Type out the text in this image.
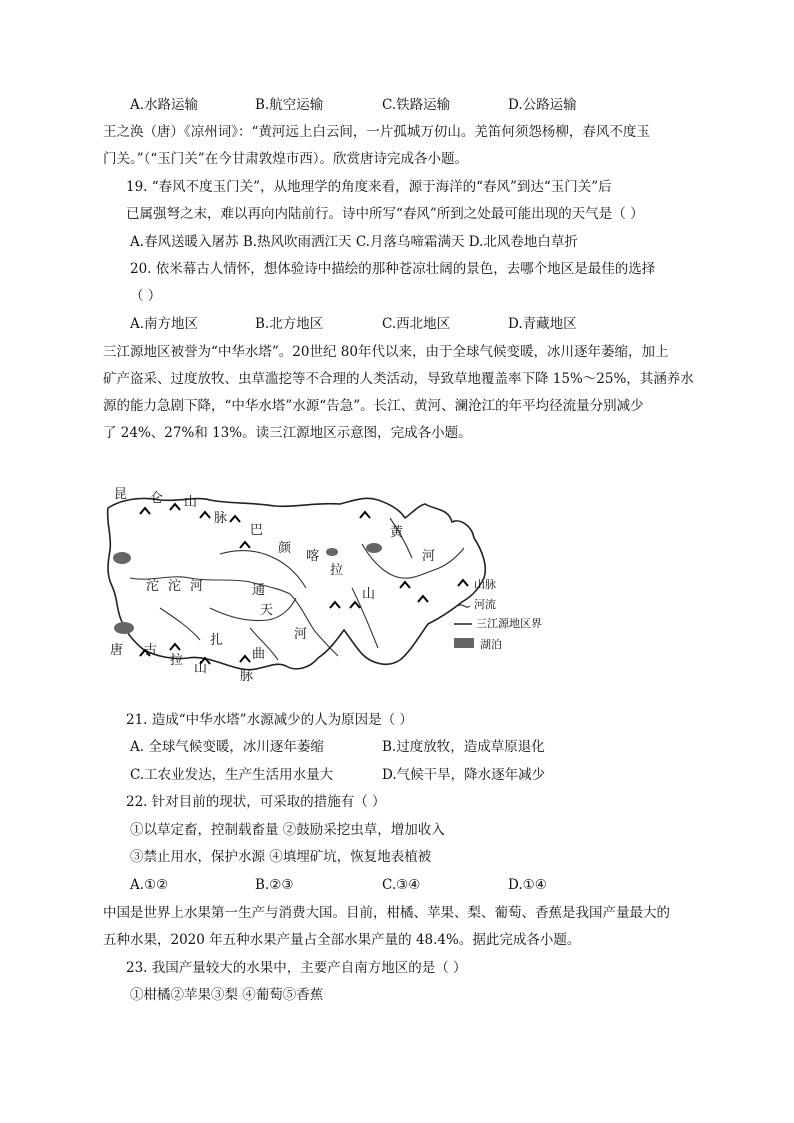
A.水路运输	B.航空运输	C.铁路运输	D.公路运输
王之涣（唐）《凉州词》：“黄河远上白云间，一片孤城万仞山。羌笛何须怨杨柳，春风不度玉
门关。”（“玉门关”在今甘肃敦煌市西）。欣赏唐诗完成各小题。
19. “春风不度玉门关”，从地理学的角度来看，源于海洋的“春风”到达“玉门关”后
已属强弩之末，难以再向内陆前行。诗中所写“春风”所到之处最可能出现的天气是（ ）
A.春风送暖入屠苏 B.热风吹雨洒江天 C.月落乌啼霜满天 D.北风卷地白草折
20. 依米幕古人情怀，想体验诗中描绘的那种苍凉壮阔的景色，去哪个地区是最佳的选择
（ ）
A.南方地区	B.北方地区	C.西北地区	D.青藏地区
三江源地区被誉为“中华水塔”。20世纪 80年代以来，由于全球气候变暖，冰川逐年萎缩，加上
矿产盗采、过度放牧、虫草滥挖等不合理的人类活动，导致草地覆盖率下降 15%～25%，其涵养水
源的能力急剧下降，“中华水塔”水源“告急”。长江、黄河、澜沧江的年平均径流量分别减少
了 24%、27%和 13%。读三江源地区示意图，完成各小题。
昆 仑 山
脉
巴
颜
喀
拉
沱 沱 河	通
天
河
唐 古
拉
山
脉
扎
曲
黄
河
山
山脉
河流
三江源地区界
湖泊
21. 造成“中华水塔”水源减少的人为原因是（ ）
A. 全球气候变暖，冰川逐年萎缩	B.过度放牧，造成草原退化
C.工农业发达，生产生活用水量大	D.气候干旱，降水逐年减少
22. 针对目前的现状，可采取的措施有（ ）
①以草定畜，控制载畜量 ②鼓励采挖虫草，增加收入
③禁止用水，保护水源 ④填埋矿坑，恢复地表植被
A.①②	B.②③	C.③④	D.①④
中国是世界上水果第一生产与消费大国。目前，柑橘、苹果、梨、葡萄、香蕉是我国产量最大的
五种水果，2020 年五种水果产量占全部水果产量的 48.4%。据此完成各小题。
23. 我国产量较大的水果中，主要产自南方地区的是（ ）
①柑橘②苹果③梨 ④葡萄⑤香蕉
